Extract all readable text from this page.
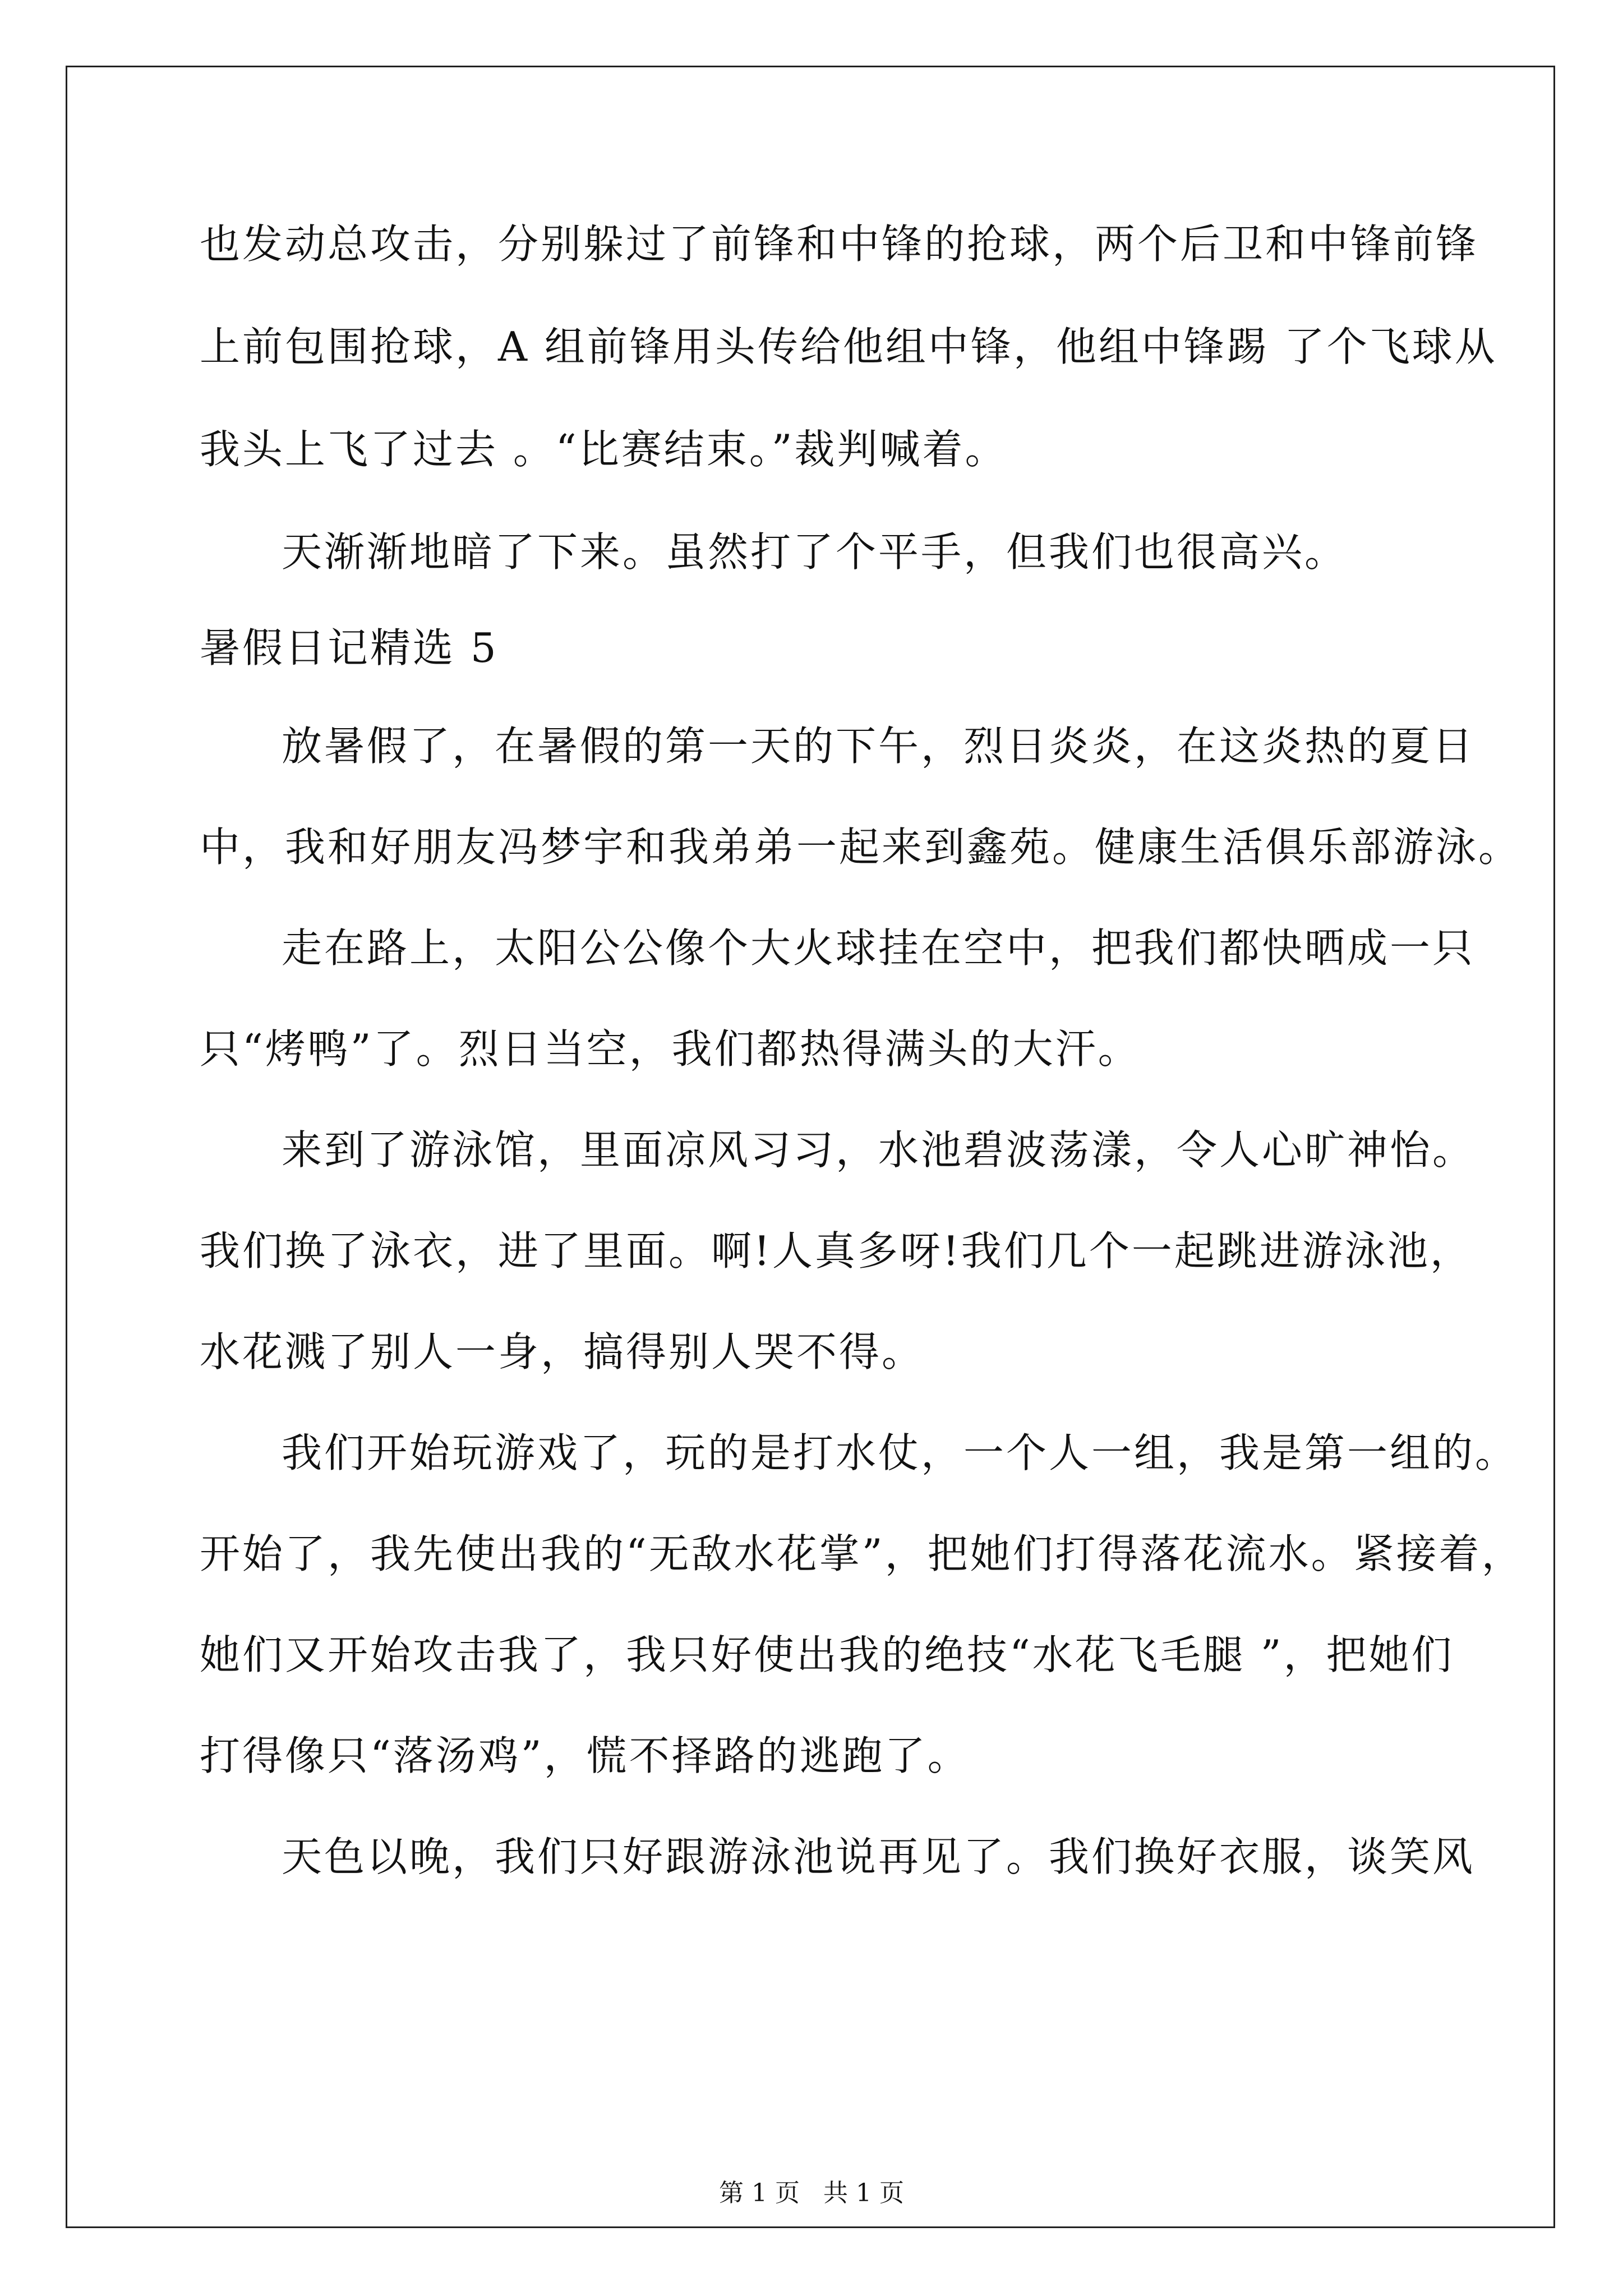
也发动总攻击，分别躲过了前锋和中锋的抢球，两个后卫和中锋前锋
上前包围抢球，A 组前锋用头传给他组中锋，他组中锋踢 了个飞球从
我头上飞了过去 。“比赛结束。”裁判喊着。
天渐渐地暗了下来。虽然打了个平手，但我们也很高兴。
暑假日记精选 5
放暑假了，在暑假的第一天的下午，烈日炎炎，在这炎热的夏日
中，我和好朋友冯梦宇和我弟弟一起来到鑫苑。健康生活俱乐部游泳。
走在路上，太阳公公像个大火球挂在空中，把我们都快晒成一只
只“烤鸭”了。烈日当空，我们都热得满头的大汗。
来到了游泳馆，里面凉风习习，水池碧波荡漾，令人心旷神怡。
我们换了泳衣，进了里面。啊!人真多呀!我们几个一起跳进游泳池，
水花溅了别人一身，搞得别人哭不得。
我们开始玩游戏了，玩的是打水仗，一个人一组，我是第一组的。
开始了，我先使出我的“无敌水花掌”，把她们打得落花流水。紧接着，
她们又开始攻击我了，我只好使出我的绝技“水花飞毛腿 ”，把她们
打得像只“落汤鸡”，慌不择路的逃跑了。
天色以晚，我们只好跟游泳池说再见了。我们换好衣服，谈笑风
第 1 页   共 1 页
